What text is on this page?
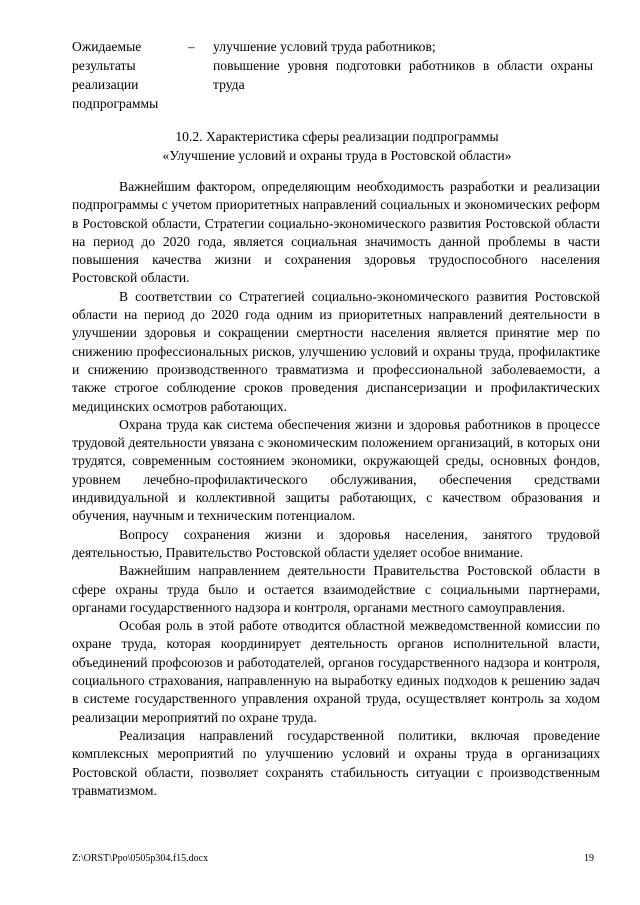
Ожидаемые
результаты
реализации
подпрограммы
– улучшение условий труда работников;
повышение уровня подготовки работников в области охраны труда
10.2. Характеристика сферы реализации подпрограммы
«Улучшение условий и охраны труда в Ростовской области»

Важнейшим фактором, определяющим необходимость разработки и реализации подпрограммы с учетом приоритетных направлений социальных и экономических реформ в Ростовской области, Стратегии социально-экономического развития Ростовской области на период до 2020 года, является социальная значимость данной проблемы в части повышения качества жизни и сохранения здоровья трудоспособного населения Ростовской области.

В соответствии со Стратегией социально-экономического развития Ростовской области на период до 2020 года одним из приоритетных направлений деятельности в улучшении здоровья и сокращении смертности населения является принятие мер по снижению профессиональных рисков, улучшению условий и охраны труда, профилактике и снижению производственного травматизма и профессиональной заболеваемости, а также строгое соблюдение сроков проведения диспансеризации и профилактических медицинских осмотров работающих.

Охрана труда как система обеспечения жизни и здоровья работников в процессе трудовой деятельности увязана с экономическим положением организаций, в которых они трудятся, современным состоянием экономики, окружающей среды, основных фондов, уровнем лечебно-профилактического обслуживания, обеспечения средствами индивидуальной и коллективной защиты работающих, с качеством образования и обучения, научным и техническим потенциалом.

Вопросу сохранения жизни и здоровья населения, занятого трудовой деятельностью, Правительство Ростовской области уделяет особое внимание.

Важнейшим направлением деятельности Правительства Ростовской области в сфере охраны труда было и остается взаимодействие с социальными партнерами, органами государственного надзора и контроля, органами местного самоуправления.

Особая роль в этой работе отводится областной межведомственной комиссии по охране труда, которая координирует деятельность органов исполнительной власти, объединений профсоюзов и работодателей, органов государственного надзора и контроля, социального страхования, направленную на выработку единых подходов к решению задач в системе государственного управления охраной труда, осуществляет контроль за ходом реализации мероприятий по охране труда.

Реализация направлений государственной политики, включая проведение комплексных мероприятий по улучшению условий и охраны труда в организациях Ростовской области, позволяет сохранять стабильность ситуации с производственным травматизмом.

Z:\ORST\Ppo\0505p304.f15.docx	19
